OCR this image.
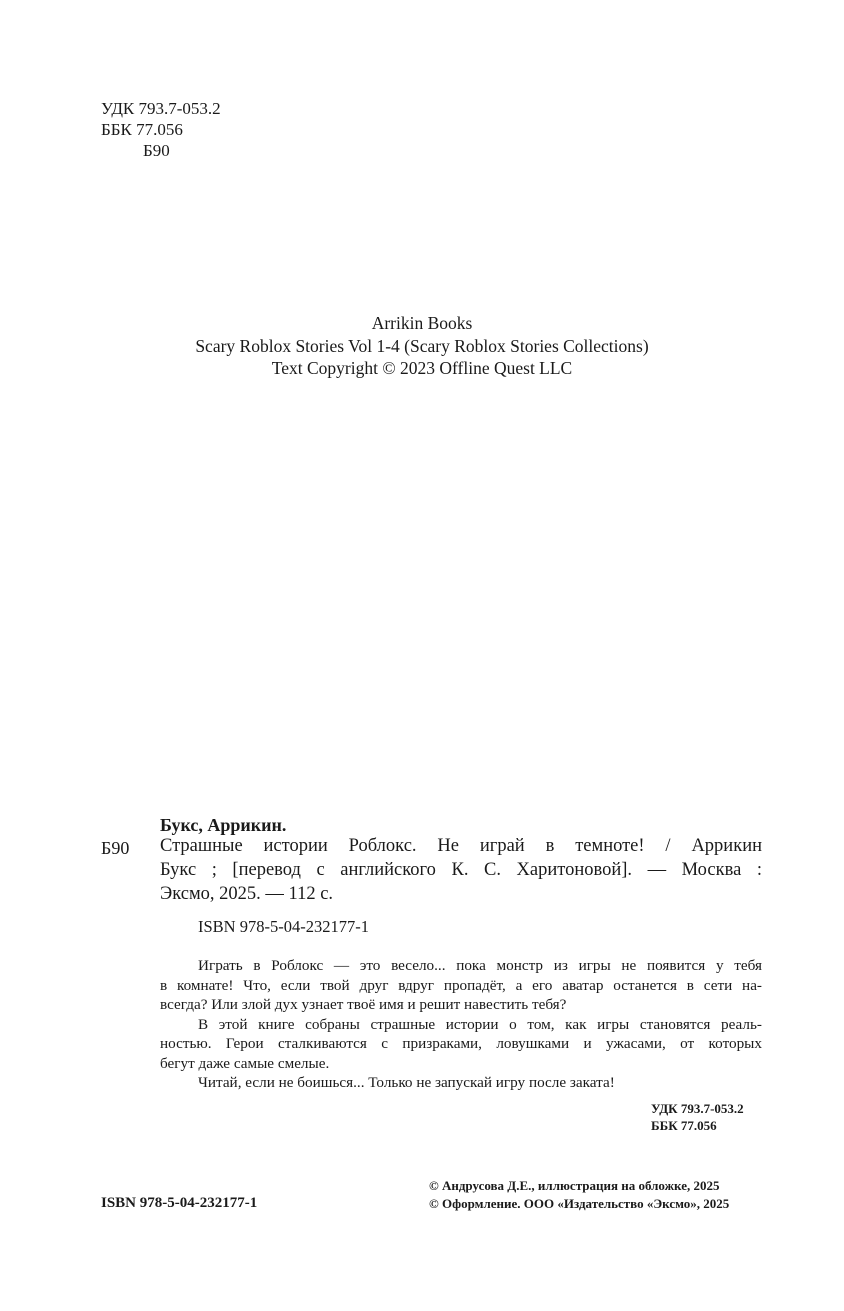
УДК 793.7-053.2
ББК 77.056
Б90
Arrikin Books
Scary Roblox Stories Vol 1-4 (Scary Roblox Stories Collections)
Text Copyright © 2023 Offline Quest LLC
Букс, Аррикин.
Б90 Страшные истории Роблокс. Не играй в темноте! / Аррикин
Букс ; [перевод с английского К. С. Харитоновой]. — Москва :
Эксмо, 2025. — 112 с.
ISBN 978-5-04-232177-1
Играть в Роблокс — это весело... пока монстр из игры не появится у тебя
в комнате! Что, если твой друг вдруг пропадёт, а его аватар останется в сети на-
всегда? Или злой дух узнает твоё имя и решит навестить тебя?
В этой книге собраны страшные истории о том, как игры становятся реаль-
ностью. Герои сталкиваются с призраками, ловушками и ужасами, от которых
бегут даже самые смелые.
Читай, если не боишься... Только не запускай игру после заката!
УДК 793.7-053.2
ББК 77.056
ISBN 978-5-04-232177-1
© Андрусова Д.Е., иллюстрация на обложке, 2025
© Оформление. ООО «Издательство «Эксмо», 2025
